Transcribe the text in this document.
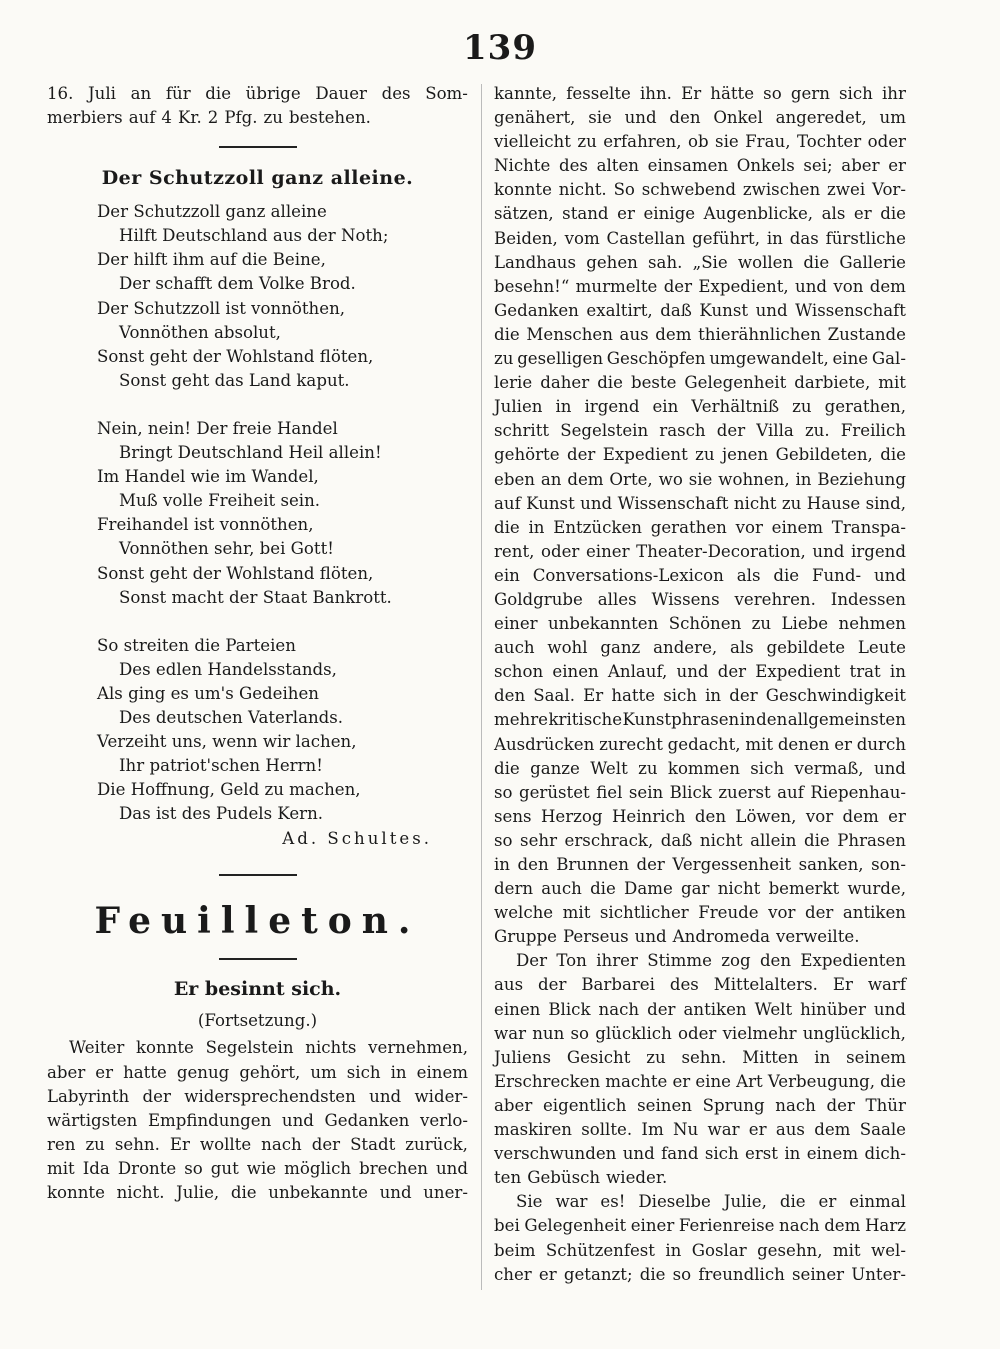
139
16. Juli an für die übrige Dauer des Som-
merbiers auf 4 Kr. 2 Pfg. zu bestehen.
Der Schutzzoll ganz alleine.
Der Schutzzoll ganz alleine
Hilft Deutschland aus der Noth;
Der hilft ihm auf die Beine,
Der schafft dem Volke Brod.
Der Schutzzoll ist vonnöthen,
Vonnöthen absolut,
Sonst geht der Wohlstand flöten,
Sonst geht das Land kaput.
Nein, nein! Der freie Handel
Bringt Deutschland Heil allein!
Im Handel wie im Wandel,
Muß volle Freiheit sein.
Freihandel ist vonnöthen,
Vonnöthen sehr, bei Gott!
Sonst geht der Wohlstand flöten,
Sonst macht der Staat Bankrott.
So streiten die Parteien
Des edlen Handelsstands,
Als ging es um's Gedeihen
Des deutschen Vaterlands.
Verzeiht uns, wenn wir lachen,
Ihr patriot'schen Herrn!
Die Hoffnung, Geld zu machen,
Das ist des Pudels Kern.
Ad. Schultes.
Feuilleton.
Er besinnt sich.
(Fortsetzung.)
Weiter konnte Segelstein nichts vernehmen,
aber er hatte genug gehört, um sich in einem
Labyrinth der widersprechendsten und wider-
wärtigsten Empfindungen und Gedanken verlo-
ren zu sehn. Er wollte nach der Stadt zurück,
mit Ida Dronte so gut wie möglich brechen und
konnte nicht. Julie, die unbekannte und uner-
kannte, fesselte ihn. Er hätte so gern sich ihr
genähert, sie und den Onkel angeredet, um
vielleicht zu erfahren, ob sie Frau, Tochter oder
Nichte des alten einsamen Onkels sei; aber er
konnte nicht. So schwebend zwischen zwei Vor-
sätzen, stand er einige Augenblicke, als er die
Beiden, vom Castellan geführt, in das fürstliche
Landhaus gehen sah. „Sie wollen die Gallerie
besehn!“ murmelte der Expedient, und von dem
Gedanken exaltirt, daß Kunst und Wissenschaft
die Menschen aus dem thierähnlichen Zustande
zu geselligen Geschöpfen umgewandelt, eine Gal-
lerie daher die beste Gelegenheit darbiete, mit
Julien in irgend ein Verhältniß zu gerathen,
schritt Segelstein rasch der Villa zu. Freilich
gehörte der Expedient zu jenen Gebildeten, die
eben an dem Orte, wo sie wohnen, in Beziehung
auf Kunst und Wissenschaft nicht zu Hause sind,
die in Entzücken gerathen vor einem Transpa-
rent, oder einer Theater-Decoration, und irgend
ein Conversations-Lexicon als die Fund- und
Goldgrube alles Wissens verehren. Indessen
einer unbekannten Schönen zu Liebe nehmen
auch wohl ganz andere, als gebildete Leute
schon einen Anlauf, und der Expedient trat in
den Saal. Er hatte sich in der Geschwindigkeit
mehre kritische Kunstphrasen in den allgemeinsten
Ausdrücken zurecht gedacht, mit denen er durch
die ganze Welt zu kommen sich vermaß, und
so gerüstet fiel sein Blick zuerst auf Riepenhau-
sens Herzog Heinrich den Löwen, vor dem er
so sehr erschrack, daß nicht allein die Phrasen
in den Brunnen der Vergessenheit sanken, son-
dern auch die Dame gar nicht bemerkt wurde,
welche mit sichtlicher Freude vor der antiken
Gruppe Perseus und Andromeda verweilte.
Der Ton ihrer Stimme zog den Expedienten
aus der Barbarei des Mittelalters. Er warf
einen Blick nach der antiken Welt hinüber und
war nun so glücklich oder vielmehr unglücklich,
Juliens Gesicht zu sehn. Mitten in seinem
Erschrecken machte er eine Art Verbeugung, die
aber eigentlich seinen Sprung nach der Thür
maskiren sollte. Im Nu war er aus dem Saale
verschwunden und fand sich erst in einem dich-
ten Gebüsch wieder.
Sie war es! Dieselbe Julie, die er einmal
bei Gelegenheit einer Ferienreise nach dem Harz
beim Schützenfest in Goslar gesehn, mit wel-
cher er getanzt; die so freundlich seiner Unter-
